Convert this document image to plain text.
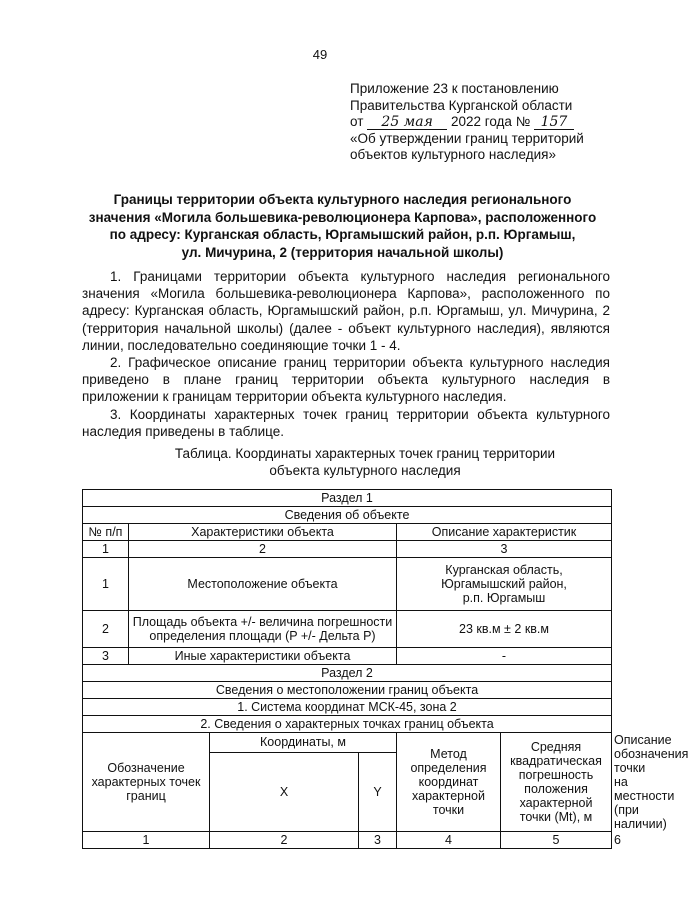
49
Приложение 23 к постановлению
Правительства Курганской области
от 25 мая 2022 года № 157
«Об утверждении границ территорий
объектов культурного наследия»
Границы территории объекта культурного наследия регионального
значения «Могила большевика-революционера Карпова», расположенного
по адресу: Курганская область, Юргамышский район, р.п. Юргамыш,
ул. Мичурина, 2 (территория начальной школы)

1. Границами территории объекта культурного наследия регионального значения «Могила большевика-революционера Карпова», расположенного по адресу: Курганская область, Юргамышский район, р.п. Юргамыш, ул. Мичурина, 2 (территория начальной школы) (далее - объект культурного наследия), являются линии, последовательно соединяющие точки 1 - 4.

2. Графическое описание границ территории объекта культурного наследия приведено в плане границ территории объекта культурного наследия в приложении к границам территории объекта культурного наследия.

3. Координаты характерных точек границ территории объекта культурного наследия приведены в таблице.

Таблица. Координаты характерных точек границ территории
объекта культурного наследия
Раздел 1						
Сведения об объекте						
№ п/п	Характеристики объекта			Описание характеристик		
1	2			3		
1	Местоположение объекта			Курганская область, Юргамышский район, р.п. Юргамыш		
2	Площадь объекта +/- величина погрешности определения площади (P +/- Дельта P)			23 кв.м ± 2 кв.м		
3	Иные характеристики объекта			-		
Раздел 2						
Сведения о местоположении границ объекта						
1. Система координат МСК-45, зона 2						
2. Сведения о характерных точках границ объекта						
Обозначение характерных точек границ		Координаты, м		Метод определения координат характерной точки	Средняя квадратическая погрешность положения характерной точки (Mt), м	Описание обозначения точки на местности (при наличии)
		X	Y			
1		2	3	4	5	6
